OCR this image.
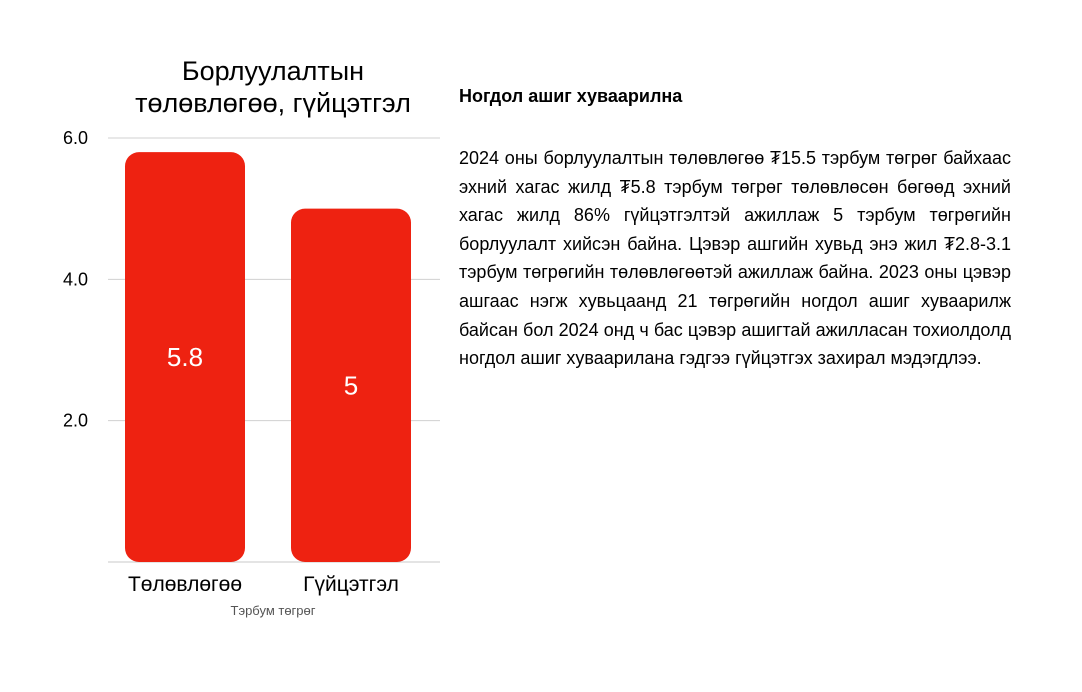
Борлуулалтын
төлөвлөгөө, гүйцэтгэл
2.0
4.0
6.0
5.8
5
Төлөвлөгөө	Гүйцэтгэл
Тэрбум төгрөг

Ногдол ашиг хуваарилна

2024 оны борлуулалтын төлөвлөгөө ₮15.5 тэрбум төгрөг байхаас эхний хагас жилд ₮5.8 тэрбум төгрөг төлөвлөсөн бөгөөд эхний хагас жилд 86% гүйцэтгэлтэй ажиллаж 5 тэрбум төгрөгийн борлуулалт хийсэн байна. Цэвэр ашгийн хувьд энэ жил ₮2.8-3.1 тэрбум төгрөгийн төлөвлөгөөтэй ажиллаж байна. 2023 оны цэвэр ашгаас нэгж хувьцаанд 21 төгрөгийн ногдол ашиг хуваарилж байсан бол 2024 онд ч бас цэвэр ашигтай ажилласан тохиолдолд ногдол ашиг хуваарилана гэдгээ гүйцэтгэх захирал мэдэгдлээ.
